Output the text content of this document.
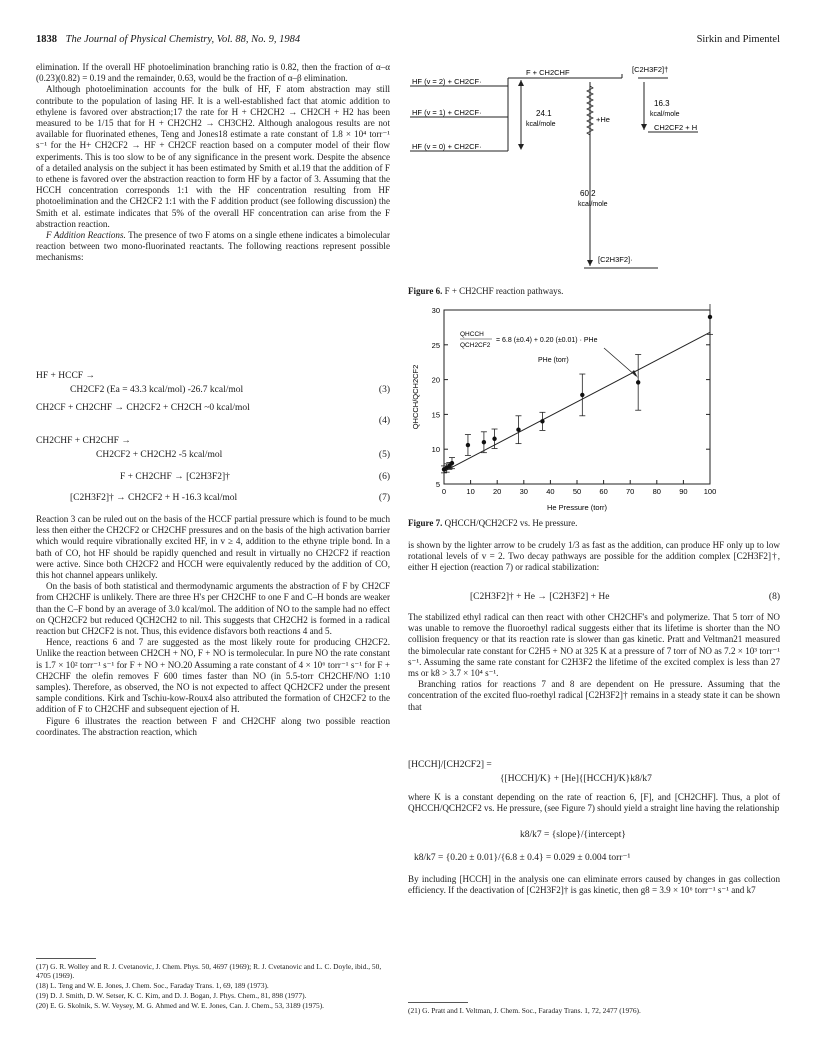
1838 The Journal of Physical Chemistry, Vol. 88, No. 9, 1984	Sirkin and Pimentel

elimination. If the overall HF photoelimination branching ratio is 0.82, then the fraction of α–α (0.23)(0.82) = 0.19 and the remainder, 0.63, would be the fraction of α–β elimination.

Although photoelimination accounts for the bulk of HF, F atom abstraction may still contribute to the population of lasing HF. It is a well-established fact that atomic addition to ethylene is favored over abstraction;17 the rate for H + CH2CH2 → CH2CH + H2 has been measured to be 1/15 that for H + CH2CH2 → CH3CH2. Although analogous results are not available for fluorinated ethenes, Teng and Jones18 estimate a rate constant of 1.8 × 10⁴ torr⁻¹ s⁻¹ for the H+ CH2CF2 → HF + CH2CF reaction based on a computer model of their flow experiments. This is too slow to be of any significance in the present work. Despite the absence of a detailed analysis on the subject it has been estimated by Smith et al.19 that the addition of F to ethene is favored over the abstraction reaction to form HF by a factor of 3. Assuming that the HCCH concentration corresponds 1:1 with the HF concentration resulting from HF photoelimination and the CH2CF2 1:1 with the F addition product (see following discussion) the Smith et al. estimate indicates that 5% of the overall HF concentration can arise from the F abstraction reaction.

F Addition Reactions. The presence of two F atoms on a single ethene indicates a bimolecular reaction between two mono-fluorinated reactants. The following reactions represent possible mechanisms:

HF + HCCF →
CH2CF2 (Ea = 43.3 kcal/mol) -26.7 kcal/mol	(3)
CH2CF + CH2CHF → CH2CF2 + CH2CH ~0 kcal/mol
(4)
CH2CHF + CH2CHF →
CH2CF2 + CH2CH2 -5 kcal/mol	(5)
F + CH2CHF → [C2H3F2]†	(6)
[C2H3F2]† → CH2CF2 + H -16.3 kcal/mol	(7)

Reaction 3 can be ruled out on the basis of the HCCF partial pressure which is found to be much less then either the CH2CF2 or CH2CHF pressures and on the basis of the high activation barrier which would require vibrationally excited HF, in v ≥ 4, addition to the ethyne triple bond. In a bath of CO, hot HF should be rapidly quenched and result in virtually no CH2CF2 if reaction were active. Since both CH2CF2 and HCCH were equivalently reduced by the addition of CO, this hot channel appears unlikely.

On the basis of both statistical and thermodynamic arguments the abstraction of F by CH2CF from CH2CHF is unlikely. There are three H's per CH2CHF to one F and C–H bonds are weaker than the C–F bond by an average of 3.0 kcal/mol. The addition of NO to the sample had no effect on QCH2CF2 but reduced QCH2CH2 to nil. This suggests that CH2CH2 is formed in a radical reaction but CH2CF2 is not. Thus, this evidence disfavors both reactions 4 and 5.

Hence, reactions 6 and 7 are suggested as the most likely route for producing CH2CF2. Unlike the reaction between CH2CH + NO, F + NO is termolecular. In pure NO the rate constant is 1.7 × 10² torr⁻¹ s⁻¹ for F + NO + NO.20 Assuming a rate constant of 4 × 10⁶ torr⁻¹ s⁻¹ for F + CH2CHF the olefin removes F 600 times faster than NO (in 5.5-torr CH2CHF/NO 1:10 samples). Therefore, as observed, the NO is not expected to affect QCH2CF2 under the present sample conditions. Kirk and Tschiu-kow-Roux4 also attributed the formation of CH2CF2 to the addition of F to CH2CHF and subsequent ejection of H.

Figure 6 illustrates the reaction between F and CH2CHF along two possible reaction coordinates. The abstraction reaction, which

(17) G. R. Wolley and R. J. Cvetanovic, J. Chem. Phys. 50, 4697 (1969); R. J. Cvetanovic and L. C. Doyle, ibid., 50, 4705 (1969).
(18) L. Teng and W. E. Jones, J. Chem. Soc., Faraday Trans. 1, 69, 189 (1973).
(19) D. J. Smith, D. W. Setser, K. C. Kim, and D. J. Bogan, J. Phys. Chem., 81, 898 (1977).
(20) E. G. Skolnik, S. W. Veysey, M. G. Ahmed and W. E. Jones, Can. J. Chem., 53, 3189 (1975).
HF (v = 2) + CH2CF·
HF (v = 1) + CH2CF·
HF (v = 0) + CH2CF·
F + CH2CHF	[C2H3F2]†
24.1
kcal/mole
+He
16.3
kcal/mole
CH2CF2 + H
60.2
kcal/mole
[C2H3F2]·
Figure 6. F + CH2CHF reaction pathways.
0	10 20 30 40 50 60 70 80 90 100
5
10
15
20
25
30
QHCCH
QCH2CF2
= 6.8 (±0.4) + 0.20 (±0.01) · PHe
PHe (torr)
QHCCH/QCH2CF2
He Pressure (torr)
Figure 7. QHCCH/QCH2CF2 vs. He pressure.

is shown by the lighter arrow to be crudely 1/3 as fast as the addition, can produce HF only up to low rotational levels of v = 2. Two decay pathways are possible for the addition complex [C2H3F2]†, either H ejection (reaction 7) or radical stabilization:

[C2H3F2]† + He → [C2H3F2] + He	(8)

The stabilized ethyl radical can then react with other CH2CHF's and polymerize. That 5 torr of NO was unable to remove the fluoroethyl radical suggests either that its lifetime is shorter than the NO collision frequency or that its reaction rate is slower than gas kinetic. Pratt and Veltman21 measured the bimolecular rate constant for C2H5 + NO at 325 K at a pressure of 7 torr of NO as 7.2 × 10³ torr⁻¹ s⁻¹. Assuming the same rate constant for C2H3F2 the lifetime of the excited complex is less than 27 ms or k8 > 3.7 × 10⁴ s⁻¹.

Branching ratios for reactions 7 and 8 are dependent on He pressure. Assuming that the concentration of the excited fluo-roethyl radical [C2H3F2]† remains in a steady state it can be shown that

[HCCH]/[CH2CF2] =
{[HCCH]/K} + [He]{[HCCH]/K}k8/k7

where K is a constant depending on the rate of reaction 6, [F], and [CH2CHF]. Thus, a plot of QHCCH/QCH2CF2 vs. He pressure, (see Figure 7) should yield a straight line having the relationship

k8/k7 = {slope}/{intercept}
k8/k7 = {0.20 ± 0.01}/{6.8 ± 0.4} = 0.029 ± 0.004 torr⁻¹

By including [HCCH] in the analysis one can eliminate errors caused by changes in gas collection efficiency. If the deactivation of [C2H3F2]† is gas kinetic, then g8 = 3.9 × 10⁶ torr⁻¹ s⁻¹ and k7

(21) G. Pratt and I. Veltman, J. Chem. Soc., Faraday Trans. 1, 72, 2477 (1976).
